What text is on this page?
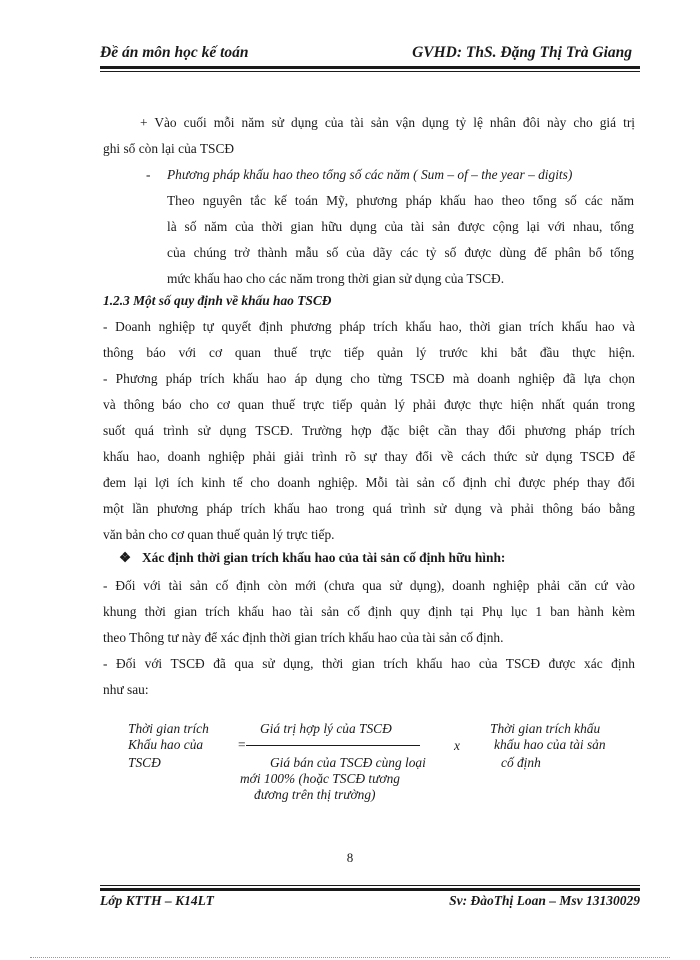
Đề án môn học kế toán	GVHD: ThS. Đặng Thị Trà Giang

+ Vào cuối mỗi năm sử dụng của tài sản vận dụng tỷ lệ nhân đôi này cho giá trị

ghi sổ còn lại của TSCĐ

- Phương pháp khấu hao theo tổng số các năm ( Sum – of – the year – digits)

Theo nguyên tắc kế toán Mỹ, phương pháp khấu hao theo tổng số các năm

là số năm của thời gian hữu dụng của tài sản được cộng lại với nhau, tổng

của chúng trở thành mẫu số của dãy các tỷ số được dùng để phân bổ tổng

mức khấu hao cho các năm trong thời gian sử dụng của TSCĐ.

1.2.3 Một số quy định về khấu hao TSCĐ

- Doanh nghiệp tự quyết định phương pháp trích khấu hao, thời gian trích khấu hao và

thông báo với cơ quan thuế trực tiếp quản lý trước khi bắt đầu thực hiện.

- Phương pháp trích khấu hao áp dụng cho từng TSCĐ mà doanh nghiệp đã lựa chọn

và thông báo cho cơ quan thuế trực tiếp quản lý phải được thực hiện nhất quán trong

suốt quá trình sử dụng TSCĐ. Trường hợp đặc biệt cần thay đổi phương pháp trích

khấu hao, doanh nghiệp phải giải trình rõ sự thay đổi về cách thức sử dụng TSCĐ để

đem lại lợi ích kinh tế cho doanh nghiệp. Mỗi tài sản cố định chỉ được phép thay đổi

một lần phương pháp trích khấu hao trong quá trình sử dụng và phải thông báo bằng

văn bản cho cơ quan thuế quản lý trực tiếp.

❖ Xác định thời gian trích khấu hao của tài sản cố định hữu hình:

- Đối với tài sản cố định còn mới (chưa qua sử dụng), doanh nghiệp phải căn cứ vào

khung thời gian trích khấu hao tài sản cố định quy định tại Phụ lục 1 ban hành kèm

theo Thông tư này để xác định thời gian trích khấu hao của tài sản cố định.

- Đối với TSCĐ đã qua sử dụng, thời gian trích khấu hao của TSCĐ được xác định

như sau:

Thời gian trích
Khấu hao của
TSCĐ
=
Giá trị hợp lý của TSCĐ
Giá bán của TSCĐ cùng loại
mới 100% (hoặc TSCĐ tương
đương trên thị trường)
x
Thời gian trích khấu
khấu hao của tài sản
cố định
8
Lớp KTTH – K14LT	Sv: ĐàoThị Loan – Msv 13130029
